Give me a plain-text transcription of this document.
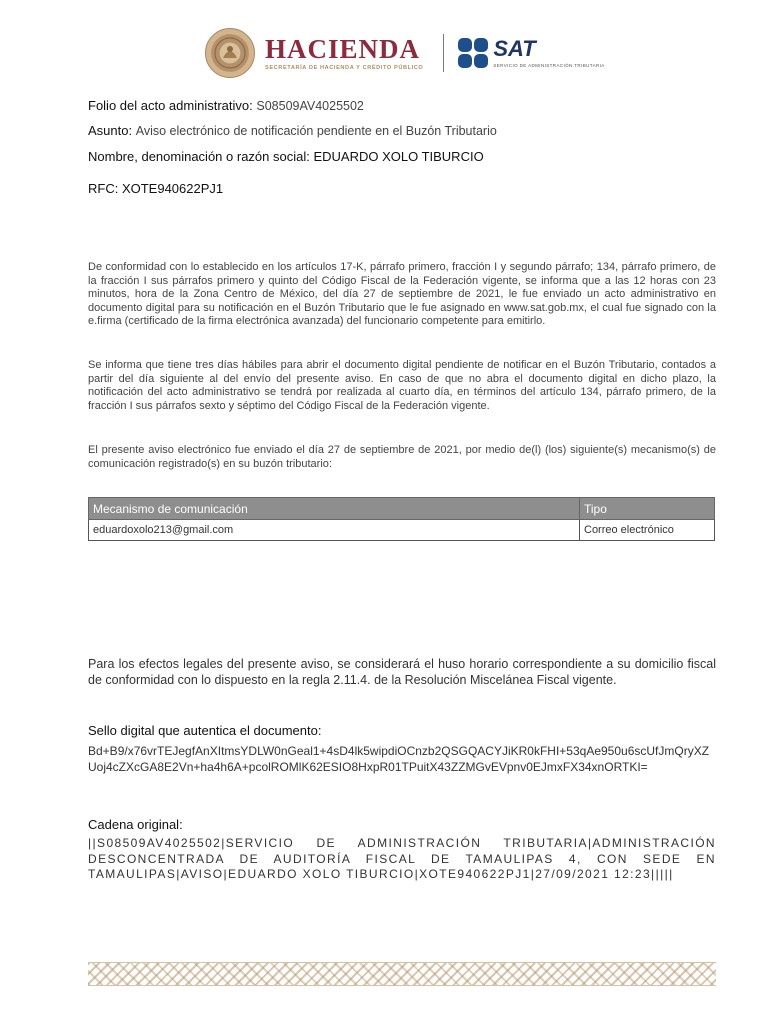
HACIENDA
SECRETARÍA DE HACIENDA Y CRÉDITO PÚBLICO
SAT
SERVICIO DE ADMINISTRACIÓN TRIBUTARIA
Folio del acto administrativo: S08509AV4025502
Asunto: Aviso electrónico de notificación pendiente en el Buzón Tributario
Nombre, denominación o razón social: EDUARDO XOLO TIBURCIO
RFC: XOTE940622PJ1
De conformidad con lo establecido en los artículos 17-K, párrafo primero, fracción I y segundo párrafo; 134, párrafo primero, de la fracción I sus párrafos primero y quinto del Código Fiscal de la Federación vigente, se informa que a las 12 horas con 23 minutos, hora de la Zona Centro de México, del día 27 de septiembre de 2021, le fue enviado un acto administrativo en documento digital para su notificación en el Buzón Tributario que le fue asignado en www.sat.gob.mx, el cual fue signado con la e.firma (certificado de la firma electrónica avanzada) del funcionario competente para emitirlo.
Se informa que tiene tres días hábiles para abrir el documento digital pendiente de notificar en el Buzón Tributario, contados a partir del día siguiente al del envío del presente aviso. En caso de que no abra el documento digital en dicho plazo, la notificación del acto administrativo se tendrá por realizada al cuarto día, en términos del artículo 134, párrafo primero, de la fracción I sus párrafos sexto y séptimo del Código Fiscal de la Federación vigente.
El presente aviso electrónico fue enviado el día 27 de septiembre de 2021, por medio de(l) (los) siguiente(s) mecanismo(s) de comunicación registrado(s) en su buzón tributario:
Mecanismo de comunicación	Tipo
eduardoxolo213@gmail.com	Correo electrónico
Para los efectos legales del presente aviso, se considerará el huso horario correspondiente a su domicilio fiscal de conformidad con lo dispuesto en la regla 2.11.4. de la Resolución Miscelánea Fiscal vigente.
Sello digital que autentica el documento:
Bd+B9/x76vrTEJegfAnXItmsYDLW0nGeal1+4sD4lk5wipdiOCnzb2QSGQACYJiKR0kFHI+53qAe950u6scUfJmQryXZUoj4cZXcGA8E2Vn+ha4h6A+pcolROMlK62ESIO8HxpR01TPuitX43ZZMGvEVpnv0EJmxFX34xnORTKI=
Cadena original:
||S08509AV4025502|SERVICIO DE ADMINISTRACIÓN TRIBUTARIA|ADMINISTRACIÓN DESCONCENTRADA DE AUDITORÍA FISCAL DE TAMAULIPAS 4, CON SEDE EN TAMAULIPAS|AVISO|EDUARDO XOLO TIBURCIO|XOTE940622PJ1|27/09/2021 12:23|||||
